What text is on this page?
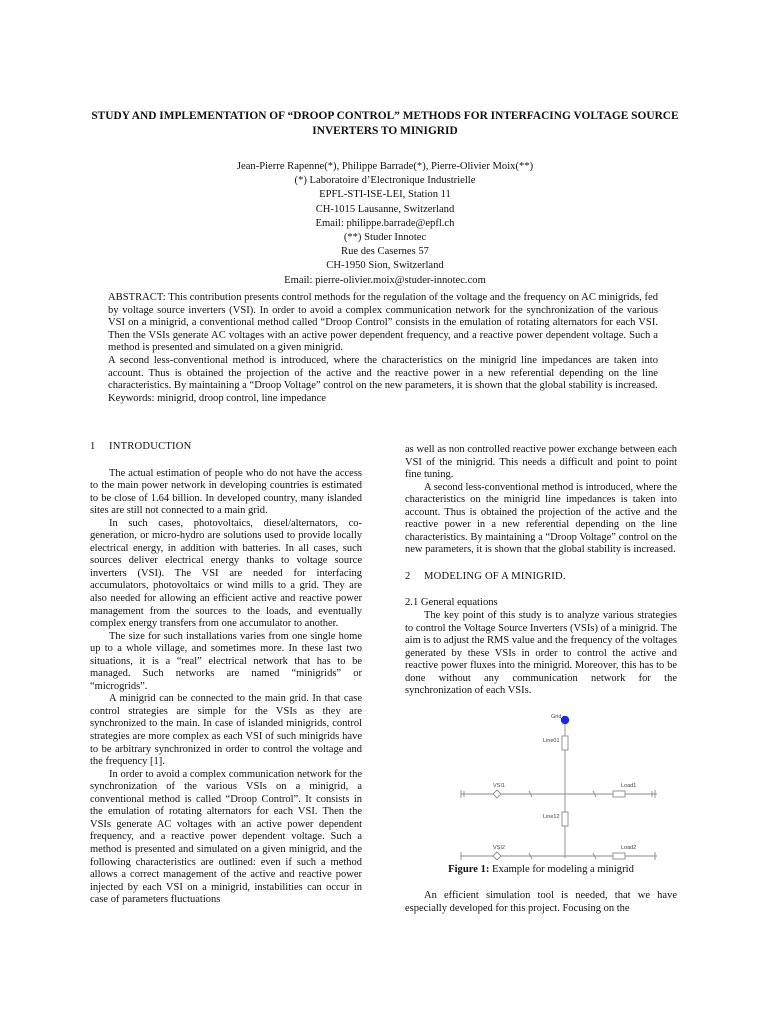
STUDY AND IMPLEMENTATION OF “DROOP CONTROL” METHODS FOR INTERFACING VOLTAGE SOURCE INVERTERS TO MINIGRID
Jean-Pierre Rapenne(*), Philippe Barrade(*), Pierre-Olivier Moix(**)
(*) Laboratoire d’Electronique Industrielle
EPFL-STI-ISE-LEI, Station 11
CH-1015 Lausanne, Switzerland
Email: philippe.barrade@epfl.ch
(**) Studer Innotec
Rue des Casernes 57
CH-1950 Sion, Switzerland
Email: pierre-olivier.moix@studer-innotec.com

ABSTRACT: This contribution presents control methods for the regulation of the voltage and the frequency on AC minigrids, fed by voltage source inverters (VSI). In order to avoid a complex communication network for the synchronization of the various VSI on a minigrid, a conventional method called “Droop Control” consists in the emulation of rotating alternators for each VSI. Then the VSIs generate AC voltages with an active power dependent frequency, and a reactive power dependent voltage. Such a method is presented and simulated on a given minigrid.

A second less-conventional method is introduced, where the characteristics on the minigrid line impedances are taken into account. Thus is obtained the projection of the active and the reactive power in a new referential depending on the line characteristics. By maintaining a “Droop Voltage” control on the new parameters, it is shown that the global stability is increased.

Keywords: minigrid, droop control, line impedance

1 INTRODUCTION

The actual estimation of people who do not have the access to the main power network in developing countries is estimated to be close of 1.64 billion. In developed country, many islanded sites are still not connected to a main grid.

In such cases, photovoltaics, diesel/alternators, co-generation, or micro-hydro are solutions used to provide locally electrical energy, in addition with batteries. In all cases, such sources deliver electrical energy thanks to voltage source inverters (VSI). The VSI are needed for interfacing accumulators, photovoltaics or wind mills to a grid. They are also needed for allowing an efficient active and reactive power management from the sources to the loads, and eventually complex energy transfers from one accumulator to another.

The size for such installations varies from one single home up to a whole village, and sometimes more. In these last two situations, it is a “real” electrical network that has to be managed. Such networks are named “minigrids” or “microgrids”.

A minigrid can be connected to the main grid. In that case control strategies are simple for the VSIs as they are synchronized to the main. In case of islanded minigrids, control strategies are more complex as each VSI of such minigrids have to be arbitrary synchronized in order to control the voltage and the frequency [1].

In order to avoid a complex communication network for the synchronization of the various VSIs on a minigrid, a conventional method is called “Droop Control”. It consists in the emulation of rotating alternators for each VSI. Then the VSIs generate AC voltages with an active power dependent frequency, and a reactive power dependent voltage. Such a method is presented and simulated on a given minigrid, and the following characteristics are outlined: even if such a method allows a correct management of the active and reactive power injected by each VSI on a minigrid, instabilities can occur in case of parameters fluctuations

as well as non controlled reactive power exchange between each VSI of the minigrid. This needs a difficult and point to point fine tuning.

A second less-conventional method is introduced, where the characteristics on the minigrid line impedances is taken into account. Thus is obtained the projection of the active and the reactive power in a new referential depending on the line characteristics. By maintaining a “Droop Voltage” control on the new parameters, it is shown that the global stability is increased.

2 MODELING OF A MINIGRID.
2.1 General equations

The key point of this study is to analyze various strategies to control the Voltage Source Inverters (VSIs) of a minigrid. The aim is to adjust the RMS value and the frequency of the voltages generated by these VSIs in order to control the active and reactive power fluxes into the minigrid. Moreover, this has to be done without any communication network for the synchronization of each VSIs.

Grid
Line01
VSI1	Load1
Line12
VSI2	Load2
Figure 1: Example for modeling a minigrid

An efficient simulation tool is needed, that we have especially developed for this project. Focusing on the
